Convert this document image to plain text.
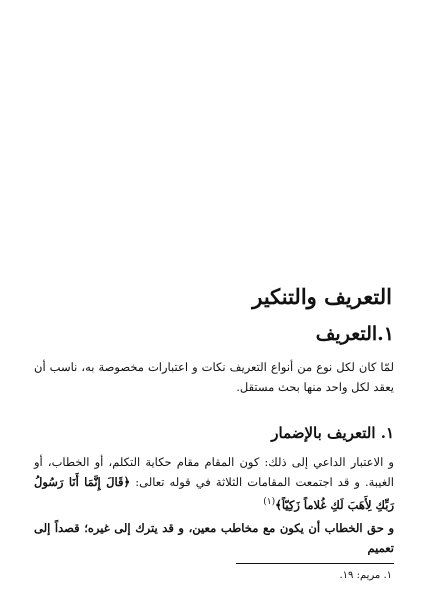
التعريف والتنكير
١.التعريف
لمّا كان لكل نوع من أنواع التعريف نكات و اعتبارات مخصوصة به، ناسب أن يعقد لكل واحد منها بحث مستقل.
١. التعريف بالإضمار
و الاعتبار الداعي إلى ذلك: كون المقام مقام حكاية التكلم، أو الخطاب، أو الغيبة. و قد اجتمعت المقامات الثلاثة في قوله تعالى: ﴿قَالَ إِنَّمَا أَنَا رَسُولُ رَبِّكِ لِأَهَبَ لَكِ غُلاماً زَكِيّاً﴾$^{(١)}$
و حق الخطاب أن يكون مع مخاطب معين، و قد يترك إلى غيره؛ قصداً إلى تعميم
١. مريم: ١٩.
